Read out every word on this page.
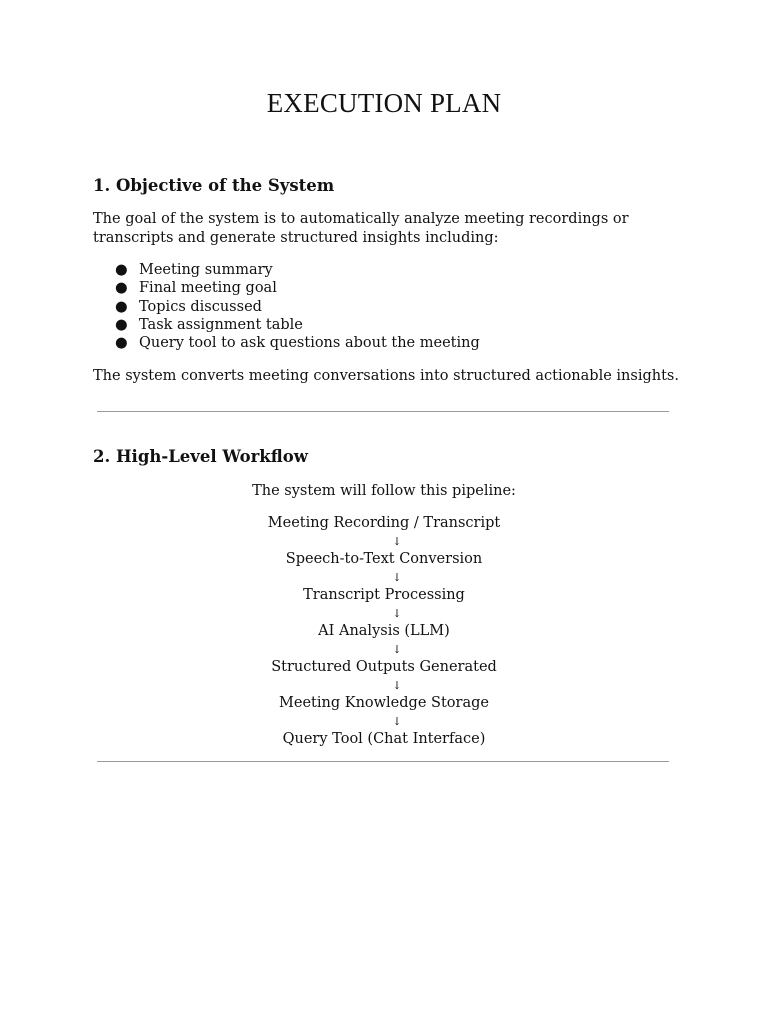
EXECUTION PLAN
1. Objective of the System

The goal of the system is to automatically analyze meeting recordings or

transcripts and generate structured insights including:

● Meeting summary
● Final meeting goal
● Topics discussed
● Task assignment table
● Query tool to ask questions about the meeting

The system converts meeting conversations into structured actionable insights.

2. High-Level Workflow

The system will follow this pipeline:

Meeting Recording / Transcript
↓
Speech-to-Text Conversion
↓
Transcript Processing
↓
AI Analysis (LLM)
↓
Structured Outputs Generated
↓
Meeting Knowledge Storage
↓
Query Tool (Chat Interface)
